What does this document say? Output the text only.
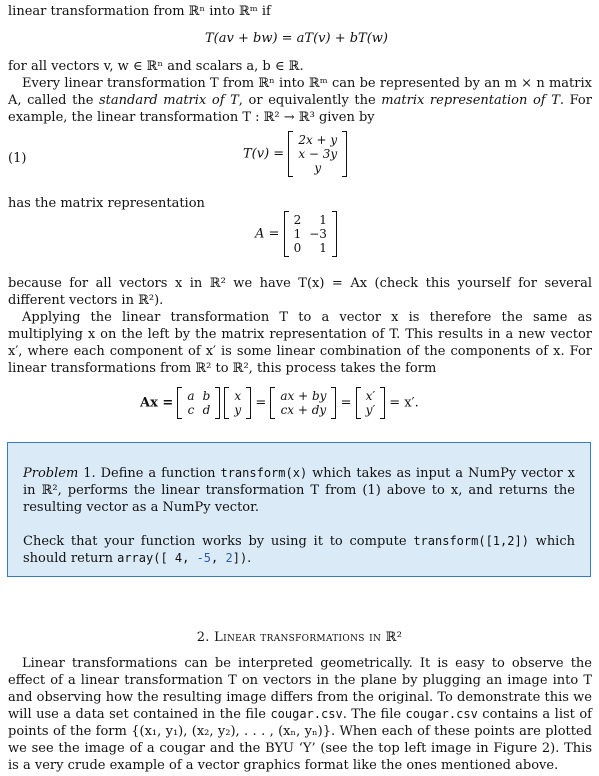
linear transformation from ℝⁿ into ℝᵐ if
T(av + bw) = aT(v) + bT(w)
for all vectors v, w ∈ ℝⁿ and scalars a, b ∈ ℝ.
Every linear transformation T from ℝⁿ into ℝᵐ can be represented by an m × n matrix A, called the standard matrix of T, or equivalently the matrix representation of T. For example, the linear transformation T : ℝ² → ℝ³ given by
(1)	T(v) =
2x + y
x − 3y
y
has the matrix representation
A =
2	1
1	−3
0	1
because for all vectors x in ℝ² we have T(x) = Ax (check this yourself for several different vectors in ℝ²).
Applying the linear transformation T to a vector x is therefore the same as multiplying x on the left by the matrix representation of T. This results in a new vector x′, where each component of x′ is some linear combination of the components of x. For linear transformations from ℝ² to ℝ², this process takes the form
Ax = a	b
c	d

x
y = ax + by
cx + dy = x′
y′ = x′.
Problem 1. Define a function transform(x) which takes as input a NumPy vector x in ℝ², performs the linear transformation T from (1) above to x, and returns the resulting vector as a NumPy vector.
Check that your function works by using it to compute transform([1,2]) which should return array([ 4, -5, 2]).
2. Linear transformations in ℝ²
Linear transformations can be interpreted geometrically. It is easy to observe the effect of a linear transformation T on vectors in the plane by plugging an image into T and observing how the resulting image differs from the original. To demonstrate this we will use a data set contained in the file cougar.csv. The file cougar.csv contains a list of points of the form {(x₁, y₁), (x₂, y₂), . . . , (xₙ, yₙ)}. When each of these points are plotted we see the image of a cougar and the BYU ‘Y’ (see the top left image in Figure 2). This is a very crude example of a vector graphics format like the ones mentioned above.
